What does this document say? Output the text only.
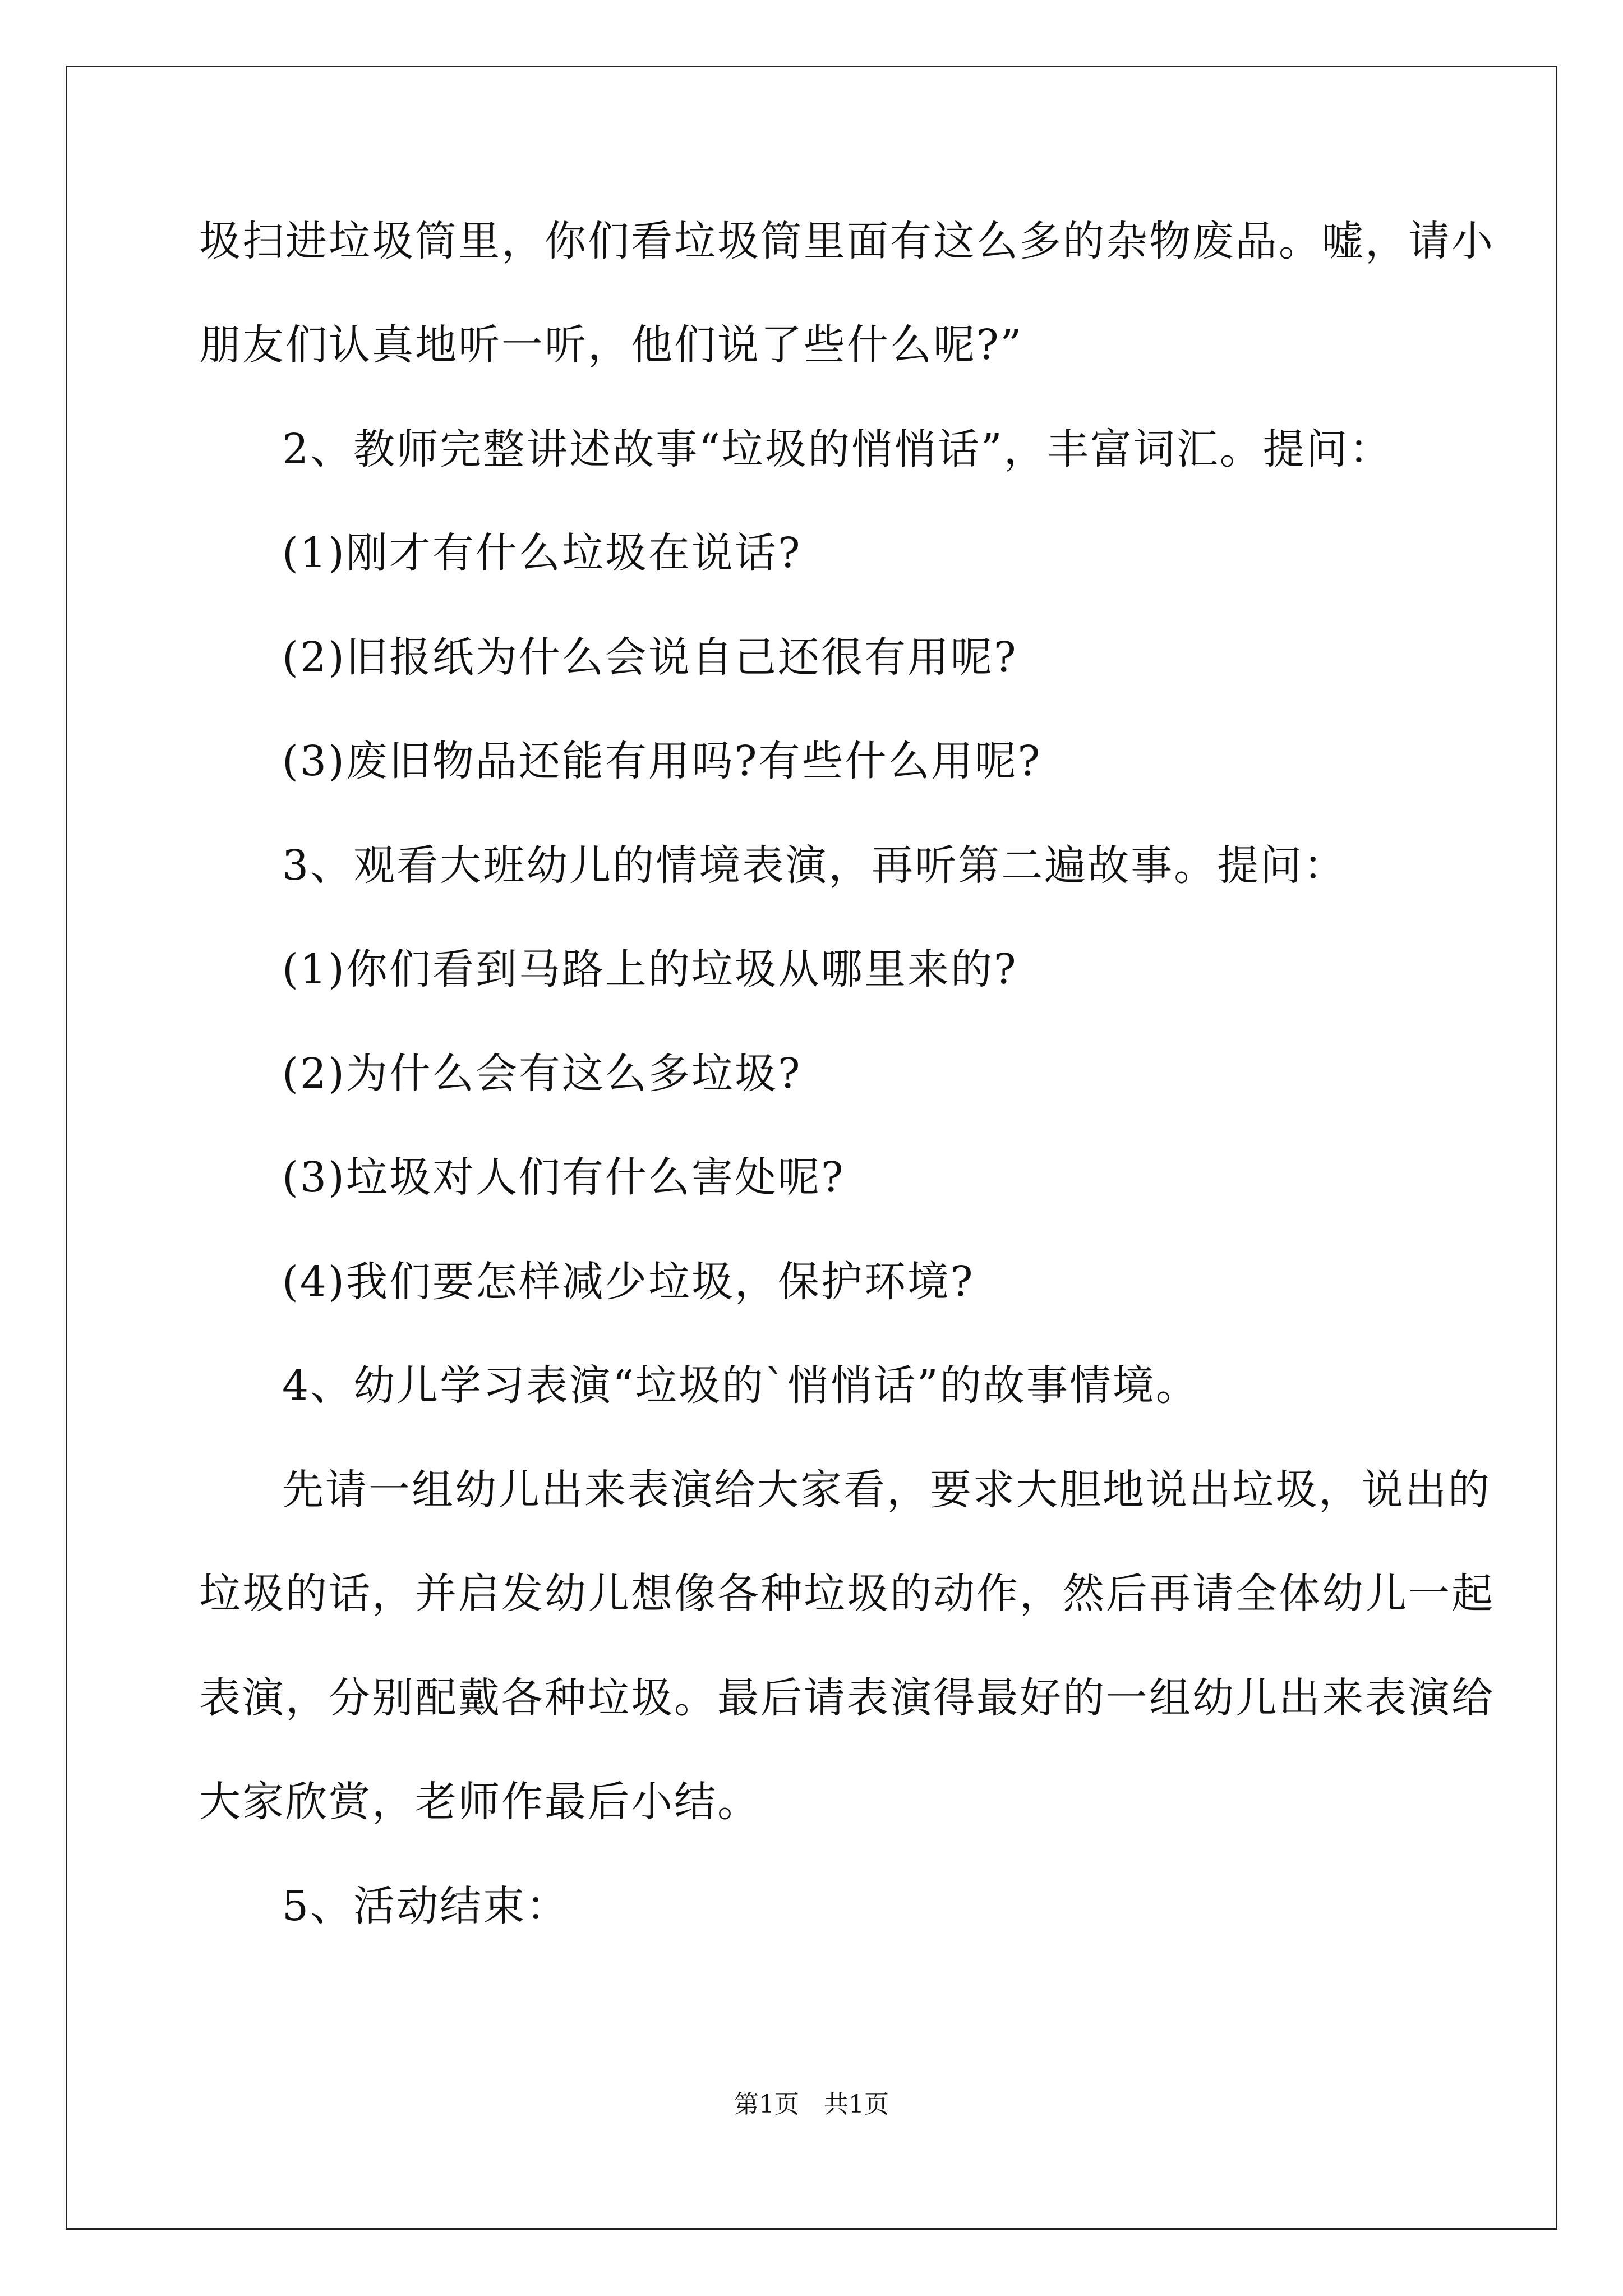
圾扫进垃圾筒里，你们看垃圾筒里面有这么多的杂物废品。嘘，请小
朋友们认真地听一听，他们说了些什么呢?”
2、教师完整讲述故事“垃圾的悄悄话”，丰富词汇。提问：
(1)刚才有什么垃圾在说话?
(2)旧报纸为什么会说自己还很有用呢?
(3)废旧物品还能有用吗?有些什么用呢?
3、观看大班幼儿的情境表演，再听第二遍故事。提问：
(1)你们看到马路上的垃圾从哪里来的?
(2)为什么会有这么多垃圾?
(3)垃圾对人们有什么害处呢?
(4)我们要怎样减少垃圾，保护环境?
4、幼儿学习表演“垃圾的`悄悄话”的故事情境。
先请一组幼儿出来表演给大家看，要求大胆地说出垃圾，说出的
垃圾的话，并启发幼儿想像各种垃圾的动作，然后再请全体幼儿一起
表演，分别配戴各种垃圾。最后请表演得最好的一组幼儿出来表演给
大家欣赏，老师作最后小结。
5、活动结束：
第1页　共1页
